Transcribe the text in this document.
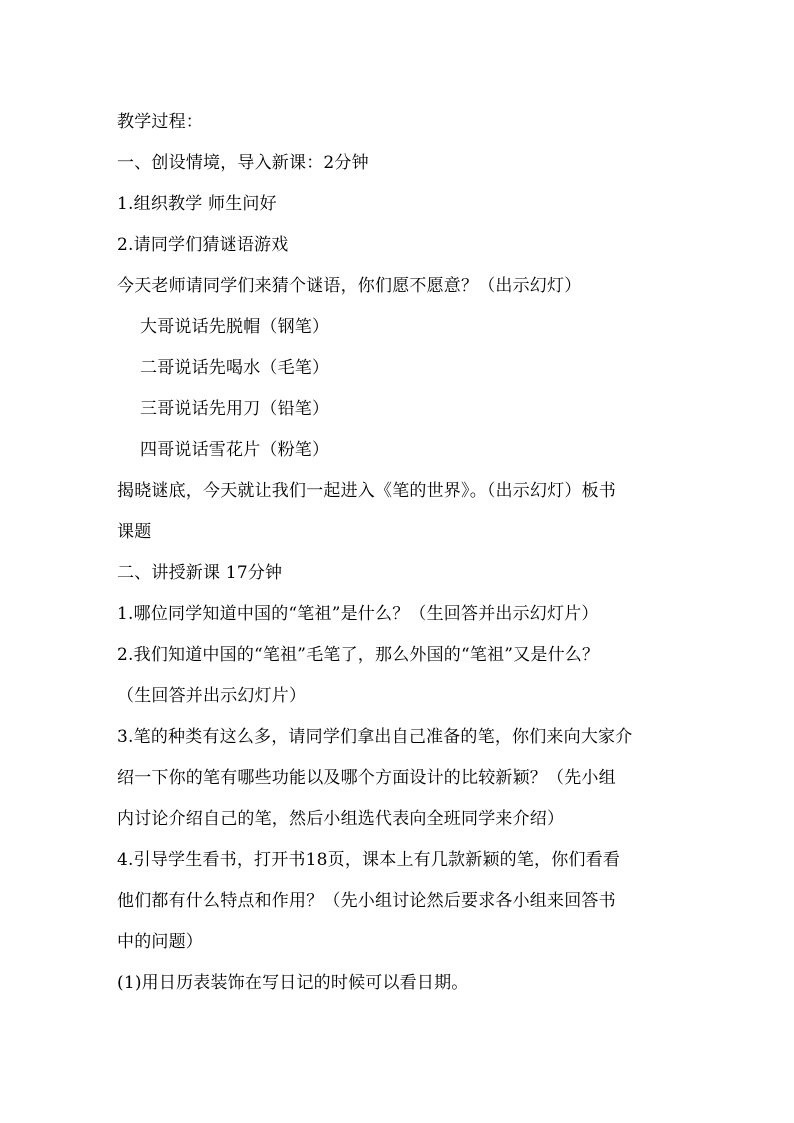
教学过程：
一、创设情境，导入新课：2分钟
1.组织教学 师生问好
2.请同学们猜谜语游戏
今天老师请同学们来猜个谜语，你们愿不愿意？（出示幻灯）
大哥说话先脱帽（钢笔）
二哥说话先喝水（毛笔）
三哥说话先用刀（铅笔）
四哥说话雪花片（粉笔）
揭晓谜底，今天就让我们一起进入《笔的世界》。（出示幻灯）板书
课题
二、讲授新课 17分钟
1.哪位同学知道中国的“笔祖”是什么？（生回答并出示幻灯片）
2.我们知道中国的“笔祖”毛笔了，那么外国的“笔祖”又是什么？
（生回答并出示幻灯片）
3.笔的种类有这么多，请同学们拿出自己准备的笔，你们来向大家介
绍一下你的笔有哪些功能以及哪个方面设计的比较新颖？（先小组
内讨论介绍自己的笔，然后小组选代表向全班同学来介绍）
4.引导学生看书，打开书18页，课本上有几款新颖的笔，你们看看
他们都有什么特点和作用？（先小组讨论然后要求各小组来回答书
中的问题）
(1)用日历表装饰在写日记的时候可以看日期。
